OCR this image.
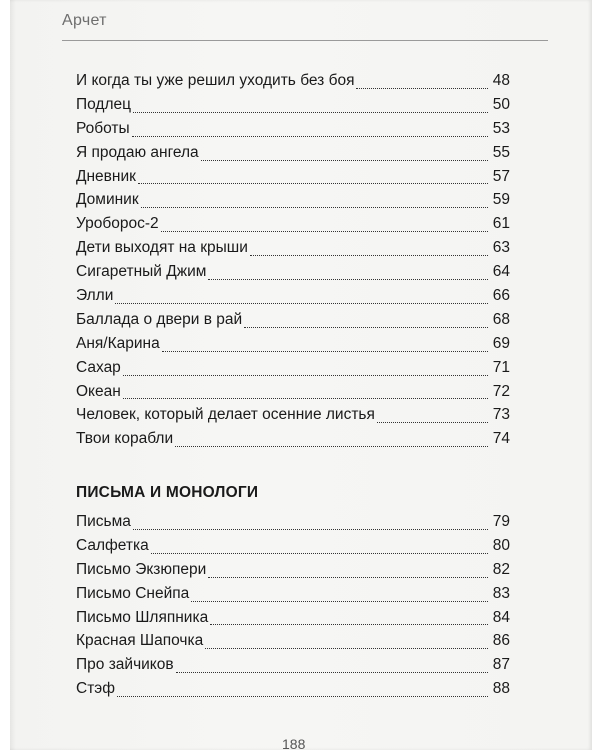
Арчет
И когда ты уже решил уходить без боя	48
Подлец	50
Роботы	53
Я продаю ангела	55
Дневник	57
Доминик	59
Уроборос-2	61
Дети выходят на крыши	63
Сигаретный Джим	64
Элли	66
Баллада о двери в рай	68
Аня/Карина	69
Сахар	71
Океан	72
Человек, который делает осенние листья	73
Твои корабли	74
ПИСЬМА И МОНОЛОГИ
Письма	79
Салфетка	80
Письмо Экзюпери	82
Письмо Снейпа	83
Письмо Шляпника	84
Красная Шапочка	86
Про зайчиков	87
Стэф	88
188
